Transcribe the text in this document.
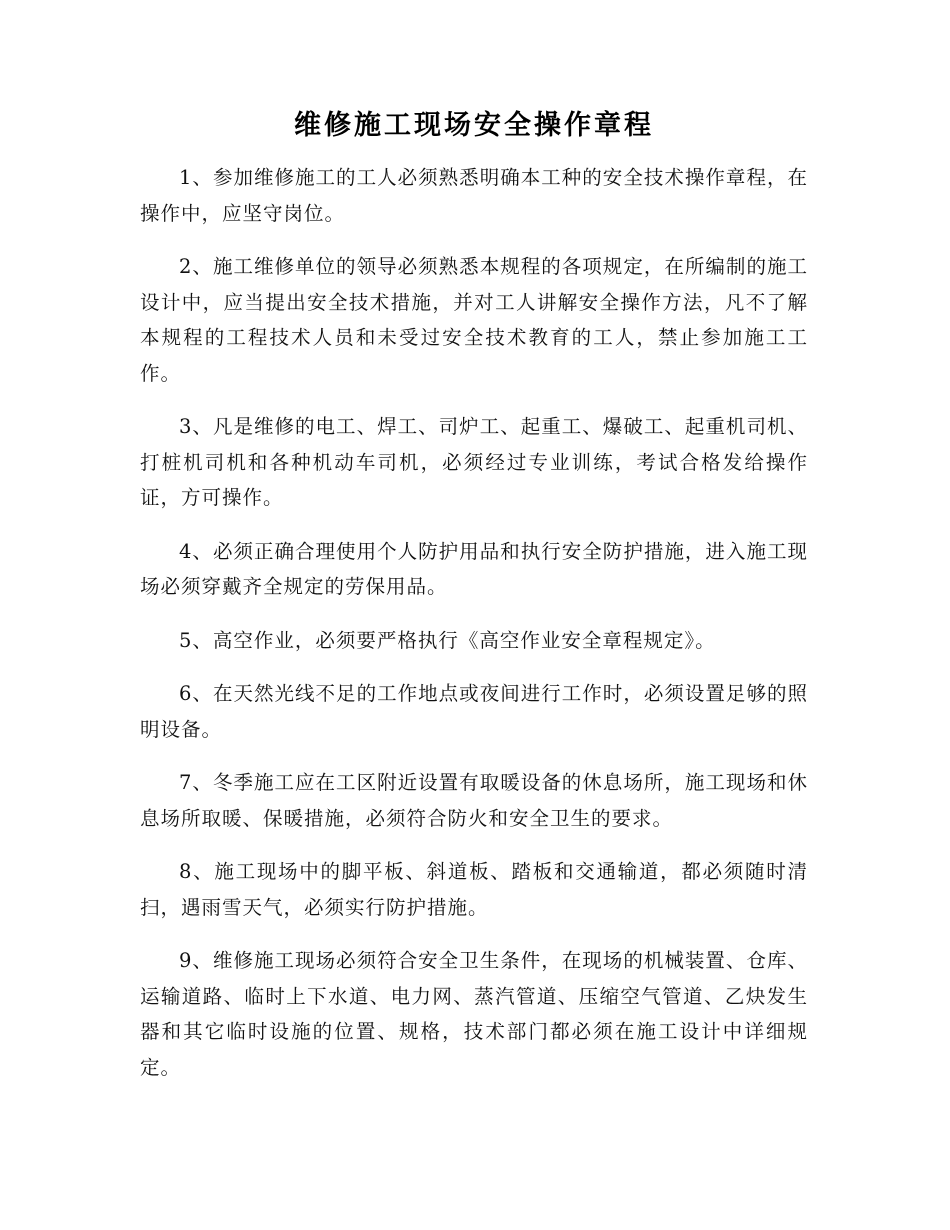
维修施工现场安全操作章程

1、参加维修施工的工人必须熟悉明确本工种的安全技术操作章程，在操作中，应坚守岗位。

2、施工维修单位的领导必须熟悉本规程的各项规定，在所编制的施工设计中，应当提出安全技术措施，并对工人讲解安全操作方法，凡不了解本规程的工程技术人员和未受过安全技术教育的工人，禁止参加施工工作。

3、凡是维修的电工、焊工、司炉工、起重工、爆破工、起重机司机、打桩机司机和各种机动车司机，必须经过专业训练，考试合格发给操作证，方可操作。

4、必须正确合理使用个人防护用品和执行安全防护措施，进入施工现场必须穿戴齐全规定的劳保用品。

5、高空作业，必须要严格执行《高空作业安全章程规定》。

6、在天然光线不足的工作地点或夜间进行工作时，必须设置足够的照明设备。

7、冬季施工应在工区附近设置有取暖设备的休息场所，施工现场和休息场所取暖、保暖措施，必须符合防火和安全卫生的要求。

8、施工现场中的脚平板、斜道板、踏板和交通输道，都必须随时清扫，遇雨雪天气，必须实行防护措施。

9、维修施工现场必须符合安全卫生条件，在现场的机械装置、仓库、运输道路、临时上下水道、电力网、蒸汽管道、压缩空气管道、乙炔发生器和其它临时设施的位置、规格，技术部门都必须在施工设计中详细规定。
